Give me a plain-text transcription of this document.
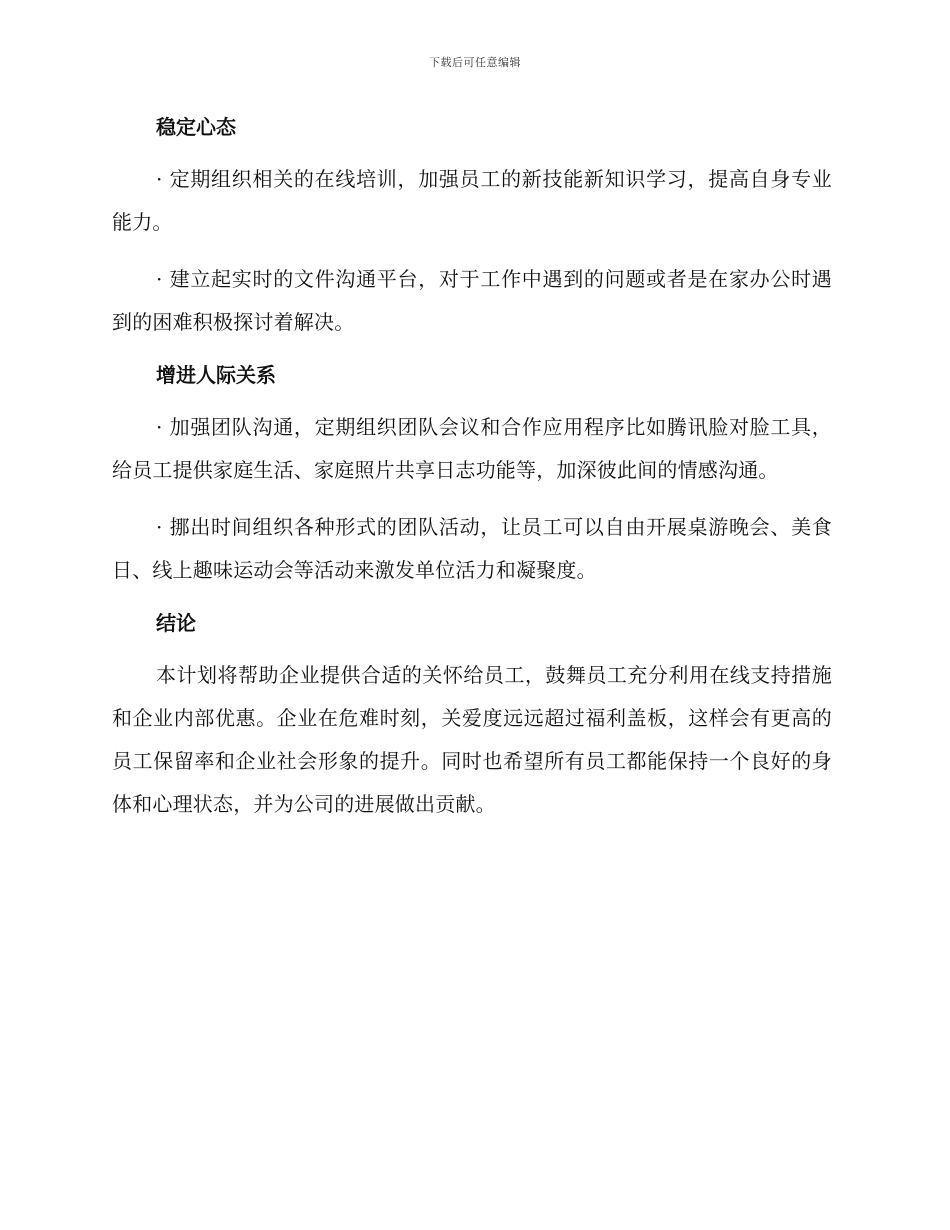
下载后可任意编辑
稳定心态

· 定期组织相关的在线培训，加强员工的新技能新知识学习，提高自身专业能力。

· 建立起实时的文件沟通平台，对于工作中遇到的问题或者是在家办公时遇到的困难积极探讨着解决。

增进人际关系

· 加强团队沟通，定期组织团队会议和合作应用程序比如腾讯脸对脸工具，给员工提供家庭生活、家庭照片共享日志功能等，加深彼此间的情感沟通。

· 挪出时间组织各种形式的团队活动，让员工可以自由开展桌游晚会、美食日、线上趣味运动会等活动来激发单位活力和凝聚度。

结论

本计划将帮助企业提供合适的关怀给员工，鼓舞员工充分利用在线支持措施和企业内部优惠。企业在危难时刻，关爱度远远超过福利盖板，这样会有更高的员工保留率和企业社会形象的提升。同时也希望所有员工都能保持一个良好的身体和心理状态，并为公司的进展做出贡献。
